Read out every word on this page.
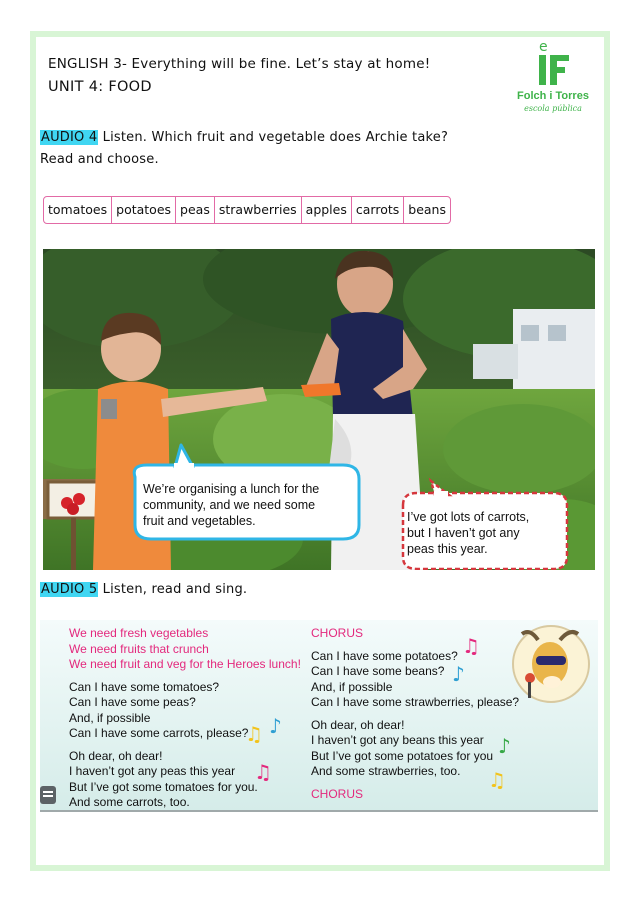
ENGLISH 3- Everything will be fine. Let’s stay at home!
UNIT 4: FOOD
e
Folch i Torres
escola pública
AUDIO 4 Listen. Which fruit and vegetable does Archie take?
Read and choose.
tomatoes potatoes peas strawberries apples carrots beans
We’re organising a lunch for the
community, and we need some
fruit and vegetables.	I’ve got lots of carrots,
but I haven’t got any
peas this year.
AUDIO 5 Listen, read and sing.
We need fresh vegetables
We need fruits that crunch
We need fruit and veg for the Heroes lunch!
Can I have some tomatoes?
Can I have some peas?
And, if possible
Can I have some carrots, please?
Oh dear, oh dear!
I haven’t got any peas this year
But I’ve got some tomatoes for you.
And some carrots, too.
CHORUS
Can I have some potatoes?
Can I have some beans?
And, if possible
Can I have some strawberries, please?
Oh dear, oh dear!
I haven’t got any beans this year
But I’ve got some potatoes for you
And some strawberries, too.
CHORUS
♫ ♪
♫
♫
♪
♪
♫
